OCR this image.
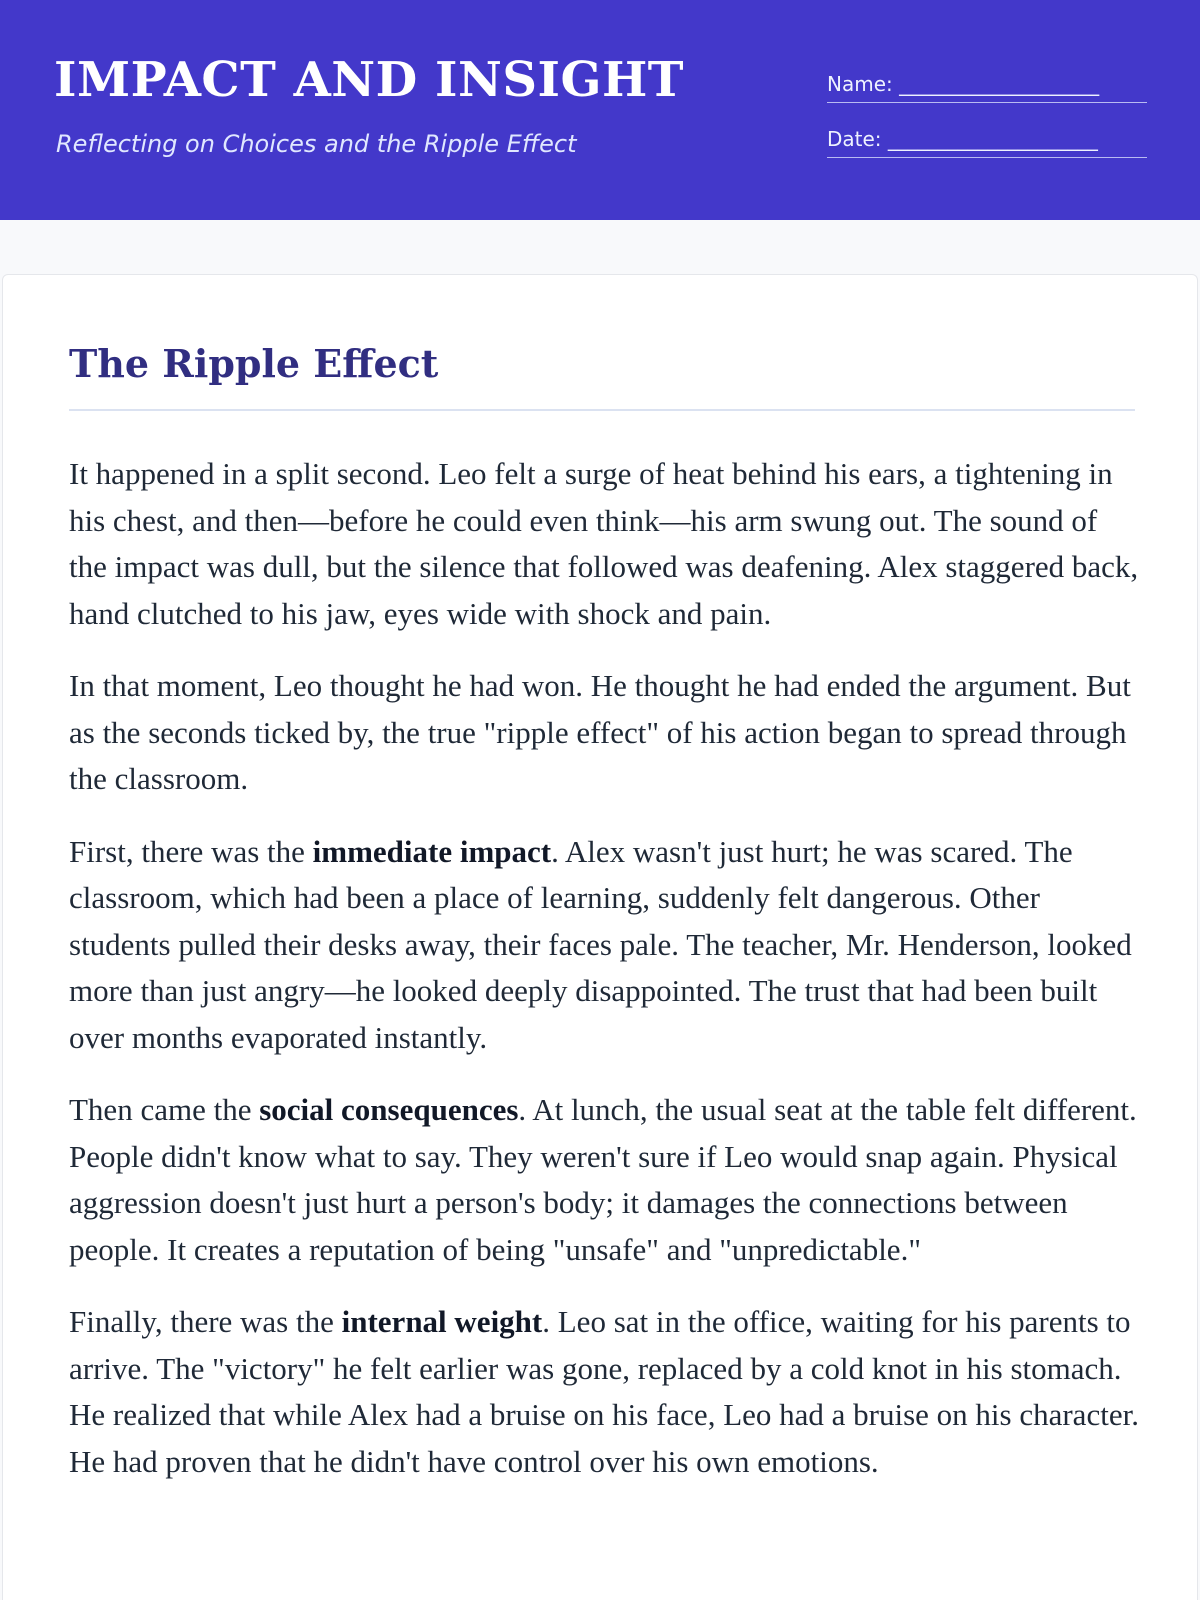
IMPACT AND INSIGHT
Reflecting on Choices and the Ripple Effect
Name: ____________________
Date: _____________________
The Ripple Effect

It happened in a split second. Leo felt a surge of heat behind his ears, a tightening in his chest, and then—before he could even think—his arm swung out. The sound of the impact was dull, but the silence that followed was deafening. Alex staggered back, hand clutched to his jaw, eyes wide with shock and pain.

In that moment, Leo thought he had won. He thought he had ended the argument. But as the seconds ticked by, the true "ripple effect" of his action began to spread through the classroom.

First, there was the immediate impact. Alex wasn't just hurt; he was scared. The classroom, which had been a place of learning, suddenly felt dangerous. Other students pulled their desks away, their faces pale. The teacher, Mr. Henderson, looked more than just angry—he looked deeply disappointed. The trust that had been built over months evaporated instantly.

Then came the social consequences. At lunch, the usual seat at the table felt different. People didn't know what to say. They weren't sure if Leo would snap again. Physical aggression doesn't just hurt a person's body; it damages the connections between people. It creates a reputation of being "unsafe" and "unpredictable."

Finally, there was the internal weight. Leo sat in the office, waiting for his parents to arrive. The "victory" he felt earlier was gone, replaced by a cold knot in his stomach. He realized that while Alex had a bruise on his face, Leo had a bruise on his character. He had proven that he didn't have control over his own emotions.
